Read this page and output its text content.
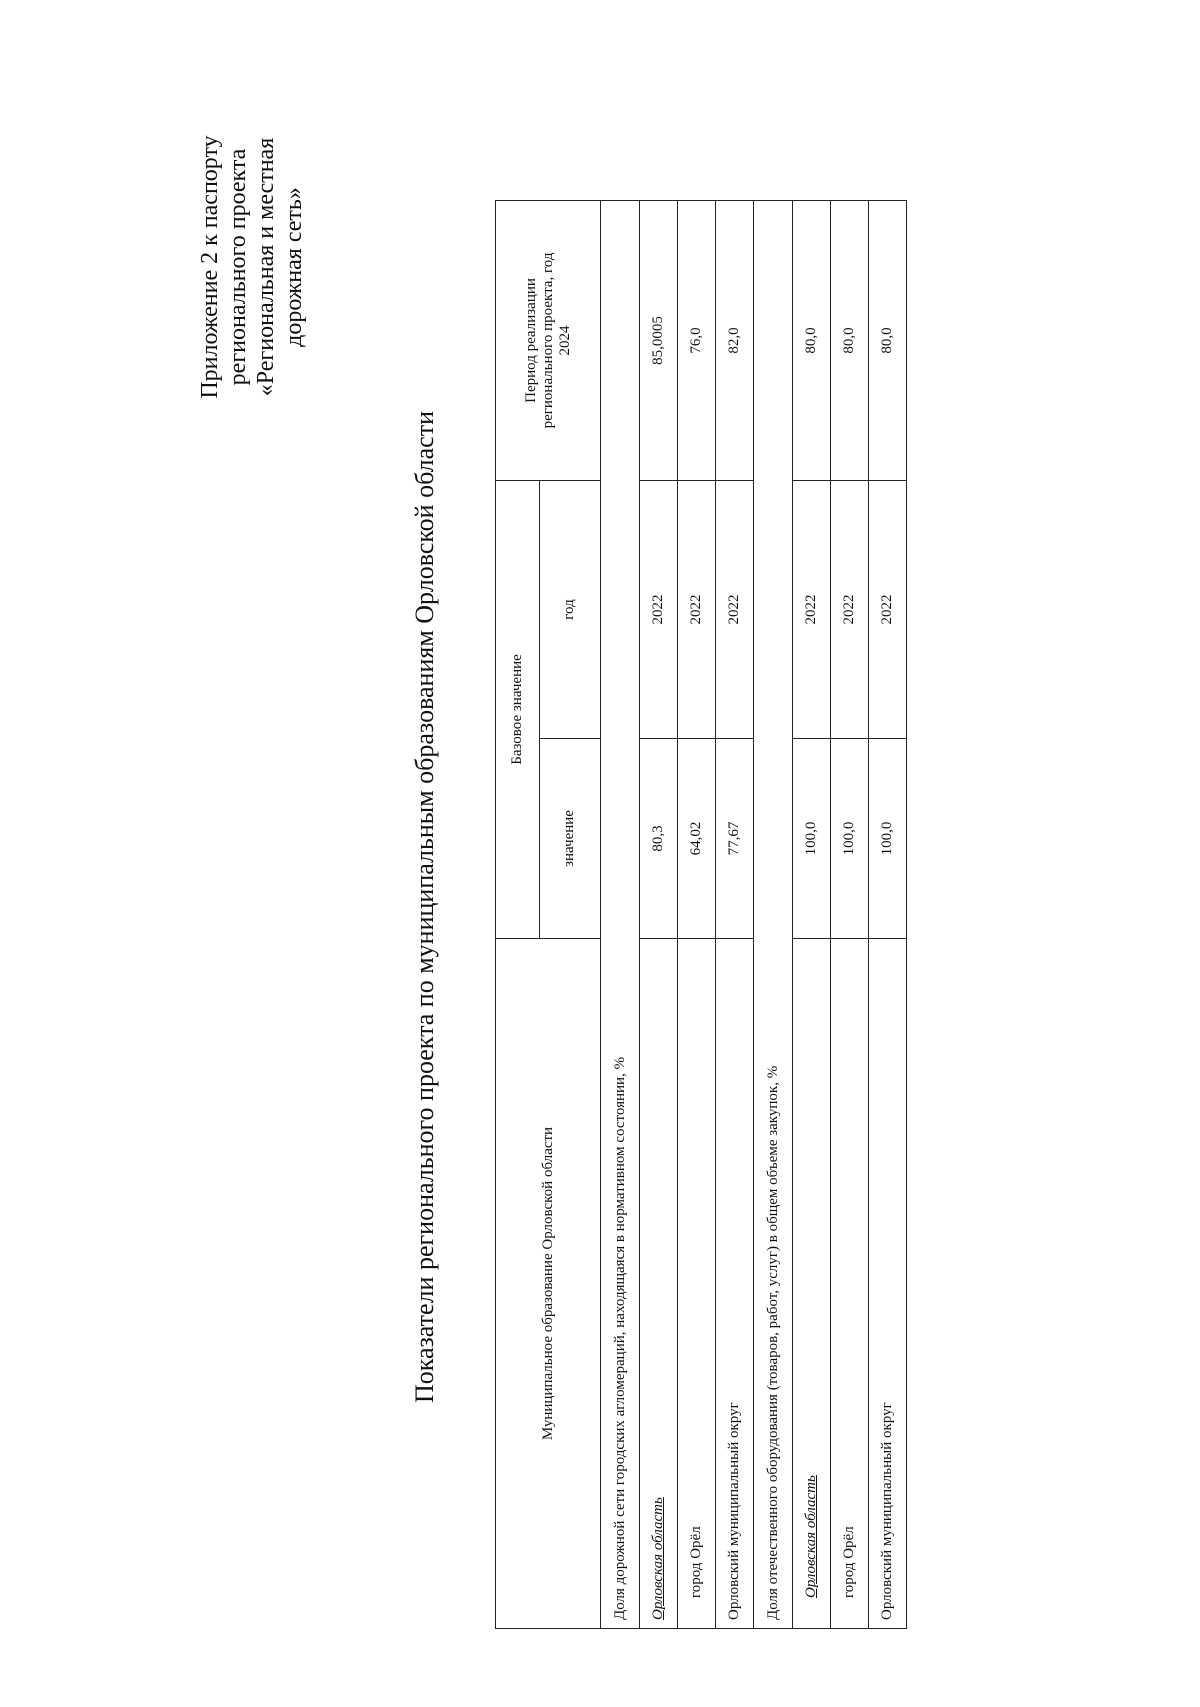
Приложение 2 к паспорту регионального проекта «Региональная и местная дорожная сеть»
Показатели регионального проекта по муниципальным образованиям Орловской области	Муниципальное образование Орловской области	Базовое значение		Период реализации регионального проекта, год 2024

	значение	год	
Доля дорожной сети городских агломераций, находящаяся в нормативном состоянии, %			
Орловская область	80,3	2022	85,0005
город Орёл	64,02	2022	76,0
Орловский муниципальный округ	77,67	2022	82,0
Доля отечественного оборудования (товаров, работ, услуг) в общем объеме закупок, %			
Орловская область	100,0	2022	80,0
город Орёл	100,0	2022	80,0
Орловский муниципальный округ	100,0	2022	80,0
